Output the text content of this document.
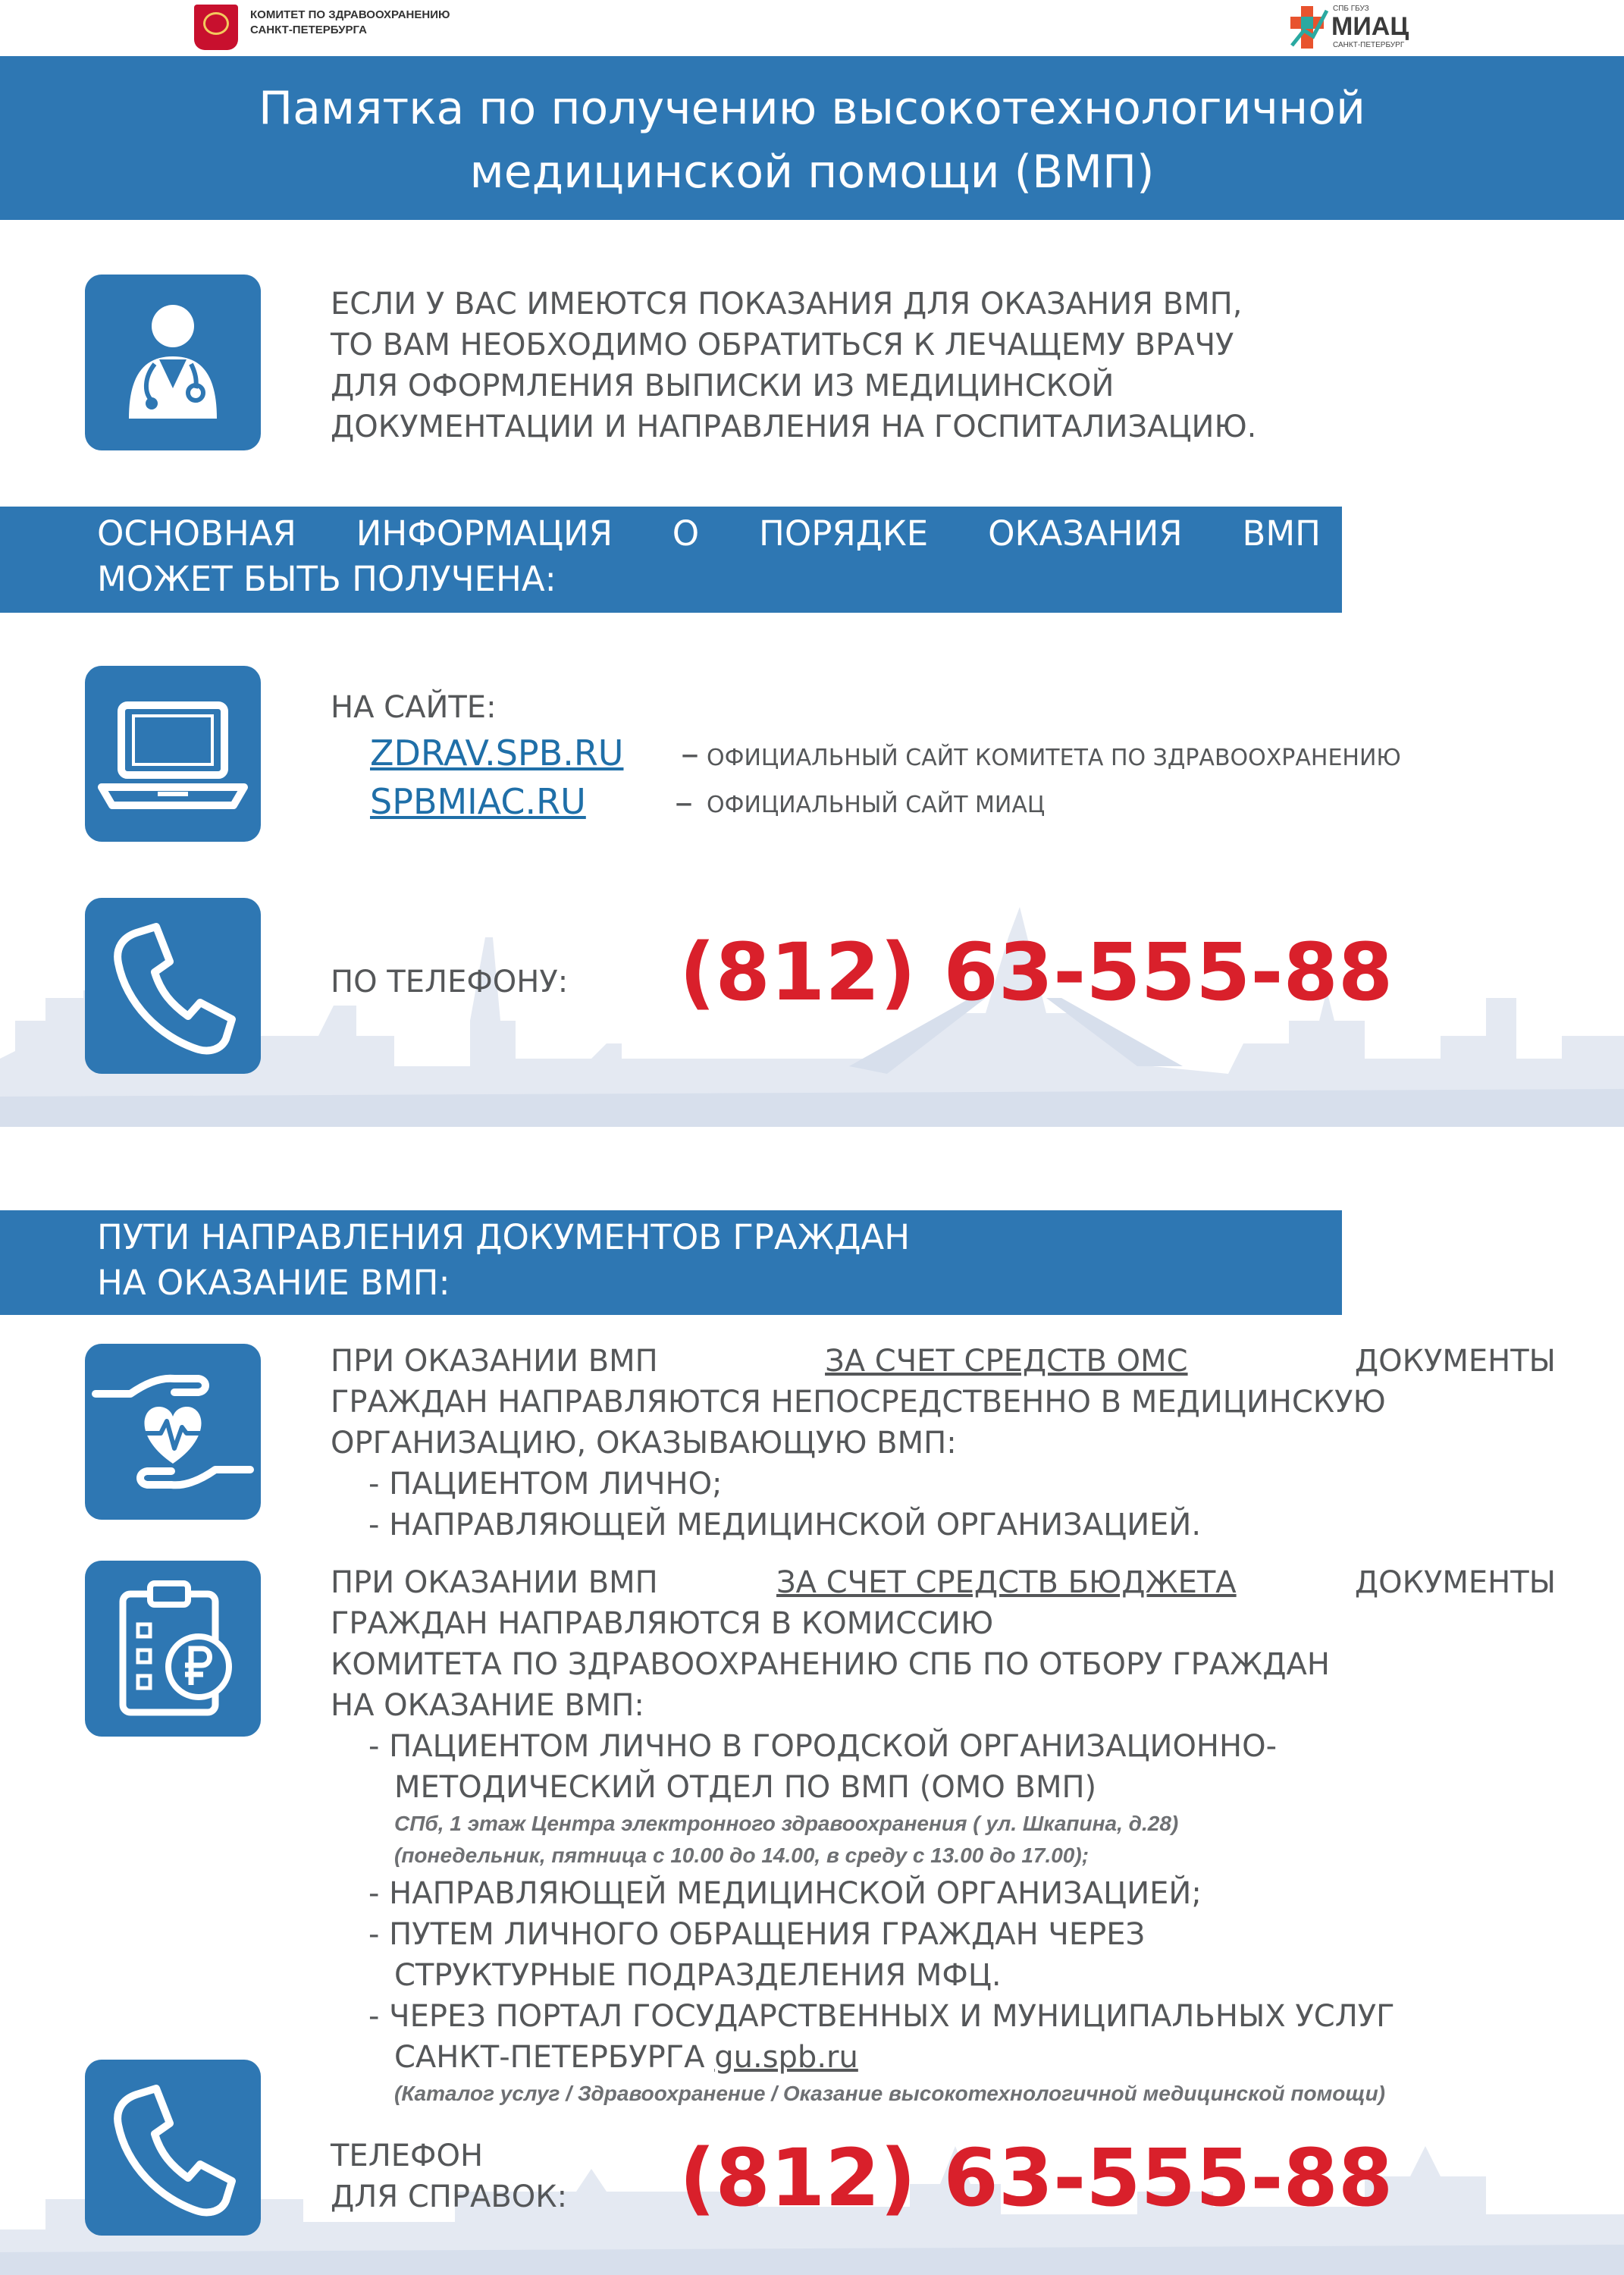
КОМИТЕТ ПО ЗДРАВООХРАНЕНИЮ
САНКТ-ПЕТЕРБУРГА
СПБ ГБУЗ
МИАЦ
САНКТ-ПЕТЕРБУРГ
Памятка по получению высокотехнологичной
медицинской помощи (ВМП)
ЕСЛИ У ВАС ИМЕЮТСЯ ПОКАЗАНИЯ ДЛЯ ОКАЗАНИЯ ВМП,
ТО ВАМ НЕОБХОДИМО ОБРАТИТЬСЯ К ЛЕЧАЩЕМУ ВРАЧУ
ДЛЯ ОФОРМЛЕНИЯ ВЫПИСКИ ИЗ МЕДИЦИНСКОЙ
ДОКУМЕНТАЦИИ И НАПРАВЛЕНИЯ НА ГОСПИТАЛИЗАЦИЮ.
ОСНОВНАЯ ИНФОРМАЦИЯ О ПОРЯДКЕ ОКАЗАНИЯ ВМП
МОЖЕТ БЫТЬ ПОЛУЧЕНА:
НА САЙТЕ:
ZDRAV.SPB.RU – ОФИЦИАЛЬНЫЙ САЙТ КОМИТЕТА ПО ЗДРАВООХРАНЕНИЮ
SPBMIAC.RU – ОФИЦИАЛЬНЫЙ САЙТ МИАЦ
ПО ТЕЛЕФОНУ: (812) 63-555-88
ПУТИ НАПРАВЛЕНИЯ ДОКУМЕНТОВ ГРАЖДАН
НА ОКАЗАНИЕ ВМП:
ПРИ ОКАЗАНИИ ВМП	ЗА СЧЕТ СРЕДСТВ ОМС	ДОКУМЕНТЫ
ГРАЖДАН НАПРАВЛЯЮТСЯ НЕПОСРЕДСТВЕННО В МЕДИЦИНСКУЮ
ОРГАНИЗАЦИЮ, ОКАЗЫВАЮЩУЮ ВМП:
- ПАЦИЕНТОМ ЛИЧНО;
- НАПРАВЛЯЮЩЕЙ МЕДИЦИНСКОЙ ОРГАНИЗАЦИЕЙ.
ПРИ ОКАЗАНИИ ВМП	ЗА СЧЕТ СРЕДСТВ БЮДЖЕТА	ДОКУМЕНТЫ
ГРАЖДАН НАПРАВЛЯЮТСЯ В КОМИССИЮ
КОМИТЕТА ПО ЗДРАВООХРАНЕНИЮ СПБ ПО ОТБОРУ ГРАЖДАН
НА ОКАЗАНИЕ ВМП:
- ПАЦИЕНТОМ ЛИЧНО В ГОРОДСКОЙ ОРГАНИЗАЦИОННО-
МЕТОДИЧЕСКИЙ ОТДЕЛ ПО ВМП (ОМО ВМП)
СПб, 1 этаж Центра электронного здравоохранения ( ул. Шкапина, д.28)
(понедельник, пятница с 10.00 до 14.00, в среду с 13.00 до 17.00);
- НАПРАВЛЯЮЩЕЙ МЕДИЦИНСКОЙ ОРГАНИЗАЦИЕЙ;
- ПУТЕМ ЛИЧНОГО ОБРАЩЕНИЯ ГРАЖДАН ЧЕРЕЗ
СТРУКТУРНЫЕ ПОДРАЗДЕЛЕНИЯ МФЦ.
- ЧЕРЕЗ ПОРТАЛ ГОСУДАРСТВЕННЫХ И МУНИЦИПАЛЬНЫХ УСЛУГ
САНКТ-ПЕТЕРБУРГА gu.spb.ru
(Каталог услуг / Здравоохранение / Оказание высокотехнологичной медицинской помощи)
ТЕЛЕФОН
ДЛЯ СПРАВОК: (812) 63-555-88
